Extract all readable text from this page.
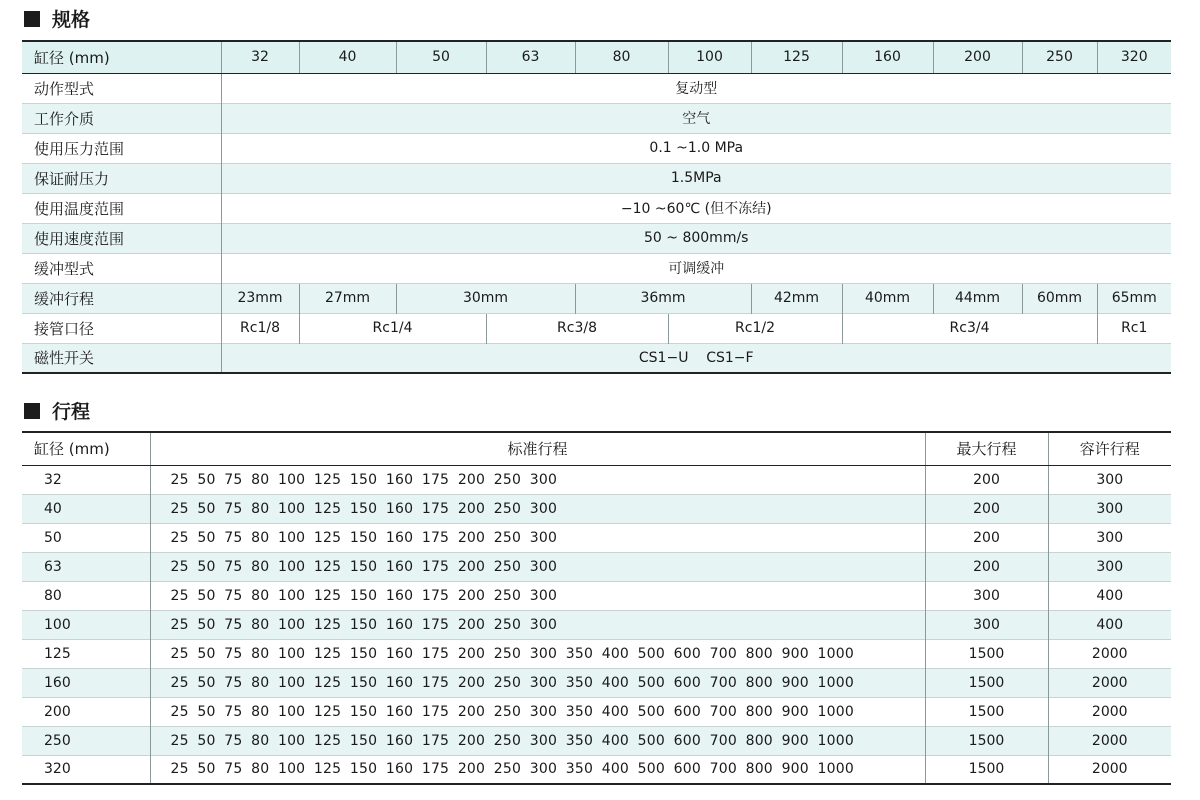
规格
缸径 (mm)	32	40	50	63	80	100	125	160	200	250	320
动作型式	复动型										
工作介质	空气										
使用压力范围	0.1 ~1.0 MPa										
保证耐压力	1.5MPa										
使用温度范围	−10 ~60℃ (但不冻结)										
使用速度范围	50 ~ 800mm/s										
缓冲型式	可调缓冲										
缓冲行程	23mm	27mm	30mm		36mm		42mm	40mm	44mm	60mm	65mm
接管口径	Rc1/8	Rc1/4		Rc3/8		Rc1/2		Rc3/4			Rc1
磁性开关	CS1−U    CS1−F										
行程
缸径 (mm)	标准行程	最大行程	容许行程
32	25 50 75 80 100 125 150 160 175 200 250 300	200	300
40	25 50 75 80 100 125 150 160 175 200 250 300	200	300
50	25 50 75 80 100 125 150 160 175 200 250 300	200	300
63	25 50 75 80 100 125 150 160 175 200 250 300	200	300
80	25 50 75 80 100 125 150 160 175 200 250 300	300	400
100	25 50 75 80 100 125 150 160 175 200 250 300	300	400
125	25 50 75 80 100 125 150 160 175 200 250 300 350 400 500 600 700 800 900 1000	1500	2000
160	25 50 75 80 100 125 150 160 175 200 250 300 350 400 500 600 700 800 900 1000	1500	2000
200	25 50 75 80 100 125 150 160 175 200 250 300 350 400 500 600 700 800 900 1000	1500	2000
250	25 50 75 80 100 125 150 160 175 200 250 300 350 400 500 600 700 800 900 1000	1500	2000
320	25 50 75 80 100 125 150 160 175 200 250 300 350 400 500 600 700 800 900 1000	1500	2000
